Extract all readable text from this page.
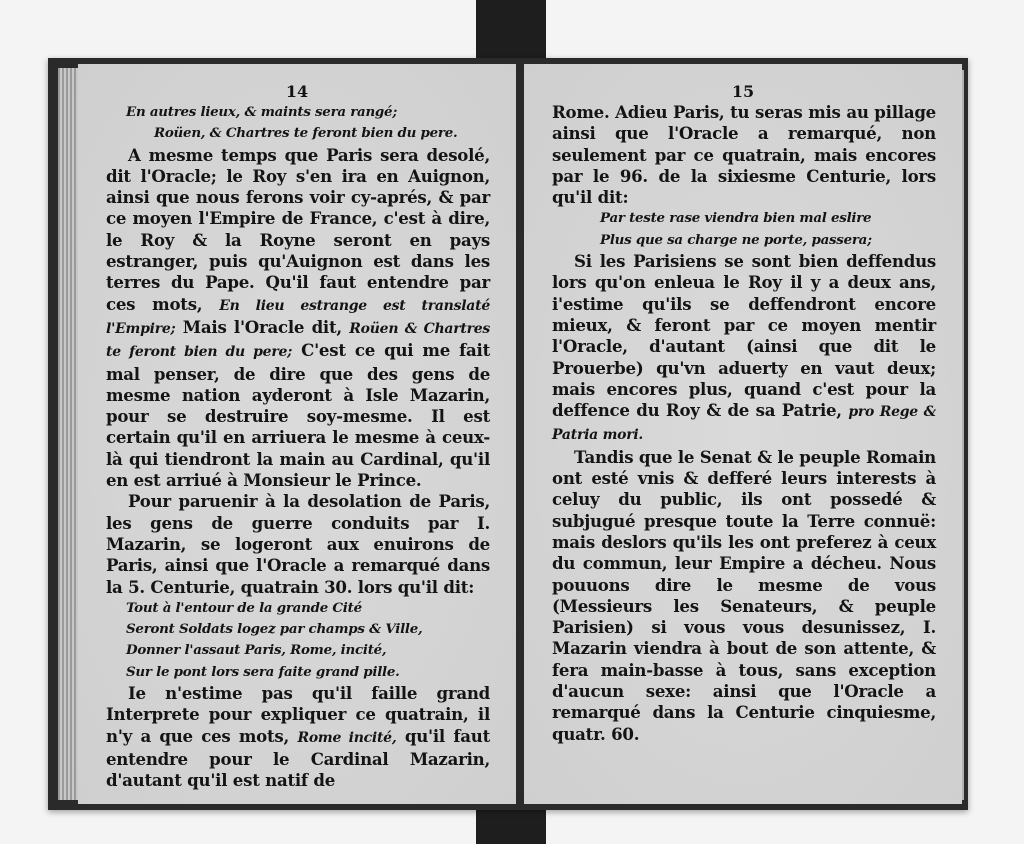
14
En autres lieux, & maints sera rangé;
Roüen, & Chartres te feront bien du pere.

A mesme temps que Paris sera desolé, dit l'Oracle; le Roy s'en ira en Auignon, ainsi que nous ferons voir cy-aprés, & par ce moyen l'Empire de France, c'est à dire, le Roy & la Royne seront en pays estranger, puis qu'Auignon est dans les terres du Pape. Qu'il faut entendre par ces mots, En lieu estrange est translaté l'Empire; Mais l'Oracle dit, Roüen & Chartres te feront bien du pere; C'est ce qui me fait mal penser, de dire que des gens de mesme nation ayderont à Isle Mazarin, pour se destruire soy-mesme. Il est certain qu'il en arriuera le mesme à ceux-là qui tiendront la main au Cardinal, qu'il en est arriué à Monsieur le Prince.

Pour paruenir à la desolation de Paris, les gens de guerre conduits par I. Mazarin, se logeront aux enuirons de Paris, ainsi que l'Oracle a remarqué dans la 5. Centurie, quatrain 30. lors qu'il dit:

Tout à l'entour de la grande Cité
Seront Soldats logez par champs & Ville,
Donner l'assaut Paris, Rome, incité,
Sur le pont lors sera faite grand pille.

Ie n'estime pas qu'il faille grand Interprete pour expliquer ce quatrain, il n'y a que ces mots, Rome incité, qu'il faut entendre pour le Cardinal Mazarin, d'autant qu'il est natif de

15

Rome. Adieu Paris, tu seras mis au pillage ainsi que l'Oracle a remarqué, non seulement par ce quatrain, mais encores par le 96. de la sixiesme Centurie, lors qu'il dit:

Par teste rase viendra bien mal eslire
Plus que sa charge ne porte, passera;

Si les Parisiens se sont bien deffendus lors qu'on enleua le Roy il y a deux ans, i'estime qu'ils se deffendront encore mieux, & feront par ce moyen mentir l'Oracle, d'autant (ainsi que dit le Prouerbe) qu'vn aduerty en vaut deux; mais encores plus, quand c'est pour la deffence du Roy & de sa Patrie, pro Rege & Patria mori.

Tandis que le Senat & le peuple Romain ont esté vnis & defferé leurs interests à celuy du public, ils ont possedé & subjugué presque toute la Terre connuë: mais deslors qu'ils les ont preferez à ceux du commun, leur Empire a décheu. Nous pouuons dire le mesme de vous (Messieurs les Senateurs, & peuple Parisien) si vous vous desunissez, I. Mazarin viendra à bout de son attente, & fera main-basse à tous, sans exception d'aucun sexe: ainsi que l'Oracle a remarqué dans la Centurie cinquiesme, quatr. 60.
